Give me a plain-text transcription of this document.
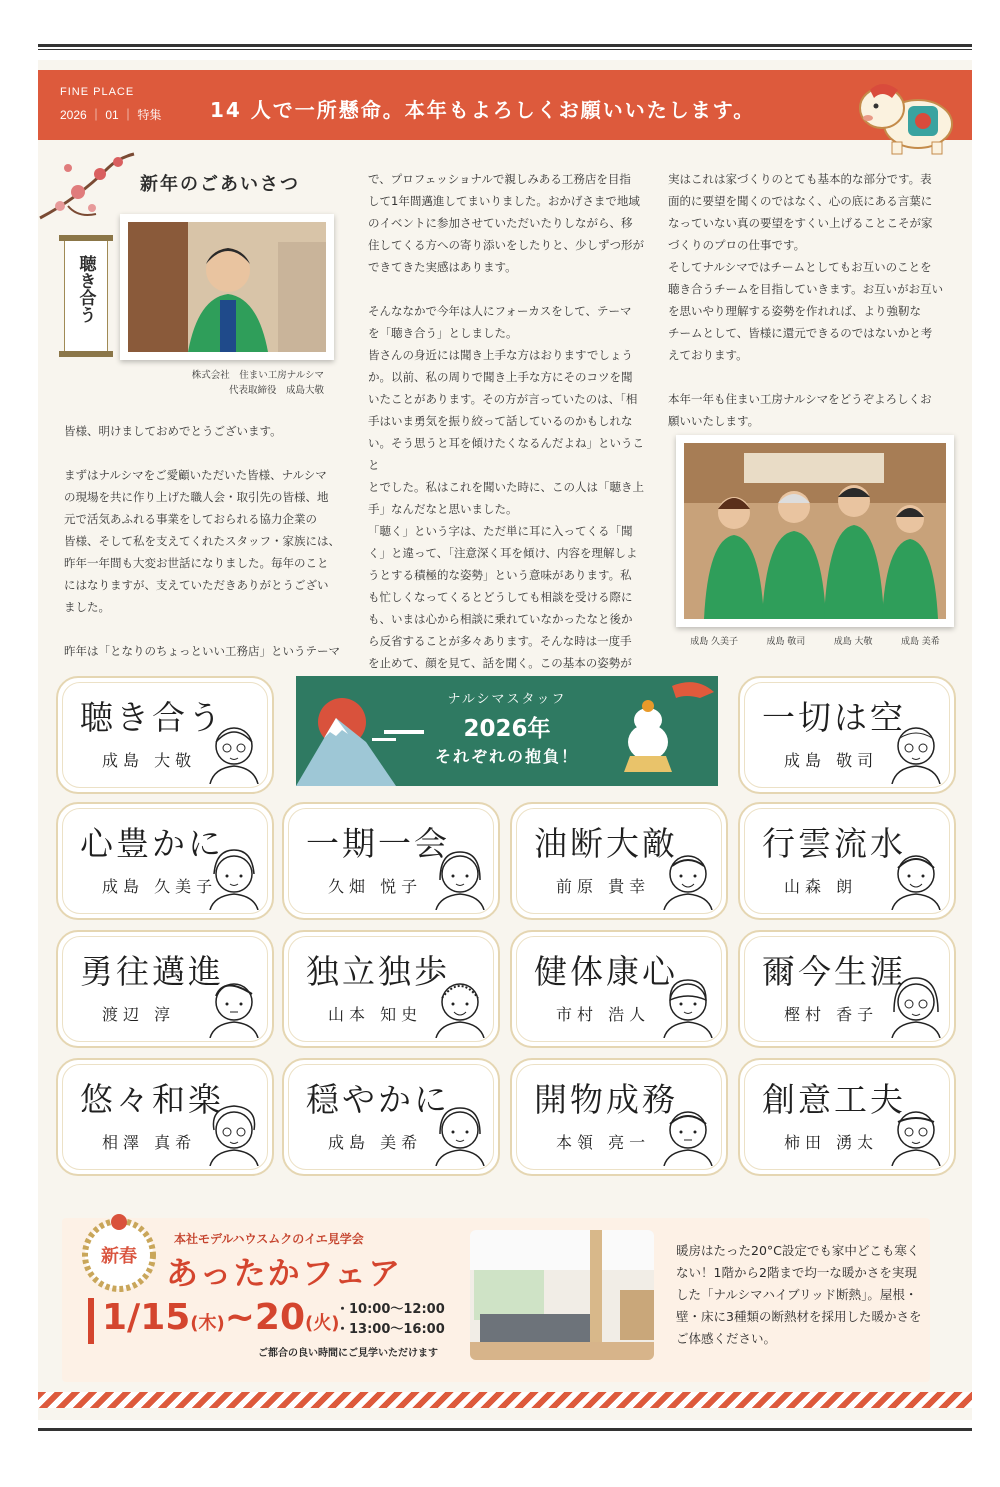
FINE PLACE
2026 ｜ 01 ｜ 特集 14 人で一所懸命。本年もよろしくお願いいたします。
新年のごあいさつ
聴き合う
株式会社　住まい工房ナルシマ
代表取締役　成島大敬

皆様、明けましておめでとうございます。

まずはナルシマをご愛顧いただいた皆様、ナルシマ

の現場を共に作り上げた職人会・取引先の皆様、地

元で活気あふれる事業をしておられる協力企業の

皆様、そして私を支えてくれたスタッフ・家族には、

昨年一年間も大変お世話になりました。毎年のこと

にはなりますが、支えていただきありがとうござい

ました。

昨年は「となりのちょっといい工務店」というテーマ

で、プロフェッショナルで親しみある工務店を目指

して1年間邁進してまいりました。おかげさまで地域

のイベントに参加させていただいたりしながら、移

住してくる方への寄り添いをしたりと、少しずつ形が

できてきた実感はあります。

そんななかで今年は人にフォーカスをして、テーマ

を「聴き合う」としました。

皆さんの身近には聞き上手な方はおりますでしょう

か。以前、私の周りで聞き上手な方にそのコツを聞

いたことがあります。その方が言っていたのは、「相

手はいま勇気を振り絞って話しているのかもしれな

い。そう思うと耳を傾けたくなるんだよね」ということ

とでした。私はこれを聞いた時に、この人は「聴き上

手」なんだなと思いました。

「聴く」という字は、ただ単に耳に入ってくる「聞

く」と違って、「注意深く耳を傾け、内容を理解しよ

うとする積極的な姿勢」という意味があります。私

も忙しくなってくるとどうしても相談を受ける際に

も、いまは心から相談に乗れていなかったなと後か

ら反省することが多々あります。そんな時は一度手

を止めて、顔を見て、話を聞く。この基本の姿勢が

実はこれは家づくりのとても基本的な部分です。表

面的に要望を聞くのではなく、心の底にある言葉に

なっていない真の要望をすくい上げることこそが家

づくりのプロの仕事です。

そしてナルシマではチームとしてもお互いのことを

聴き合うチームを目指していきます。お互いがお互い

を思いやり理解する姿勢を作れれば、より強靭な

チームとして、皆様に還元できるのではないかと考

えております。

本年一年も住まい工房ナルシマをどうぞよろしくお

願いいたします。

成島 久美子	成島 敬司	成島 大敬	成島 美希
ナルシマスタッフ
2026年
それぞれの抱負！
聴き合う
成島 大敬
一切は空
成島 敬司
心豊かに
成島 久美子
一期一会
久畑 悦子
油断大敵
前原 貴幸
行雲流水
山森 朗
勇往邁進
渡辺 淳
独立独歩
山本 知史
健体康心
市村 浩人
爾今生涯
樫村 香子
悠々和楽
相澤 真希
穏やかに
成島 美希
開物成務
本領 亮一
創意工夫
柿田 湧太
本社モデルハウスムクのイエ見学会
あったかフェア
1/15(木)~20(火)
・10:00～12:00
・13:00～16:00
ご都合の良い時間にご見学いただけます
暖房はたった20°C設定でも家中どこも寒くない！1階から2階まで均一な暖かさを実現した「ナルシマハイブリッド断熱」。屋根・壁・床に3種類の断熱材を採用した暖かさをご体感ください。
新春
